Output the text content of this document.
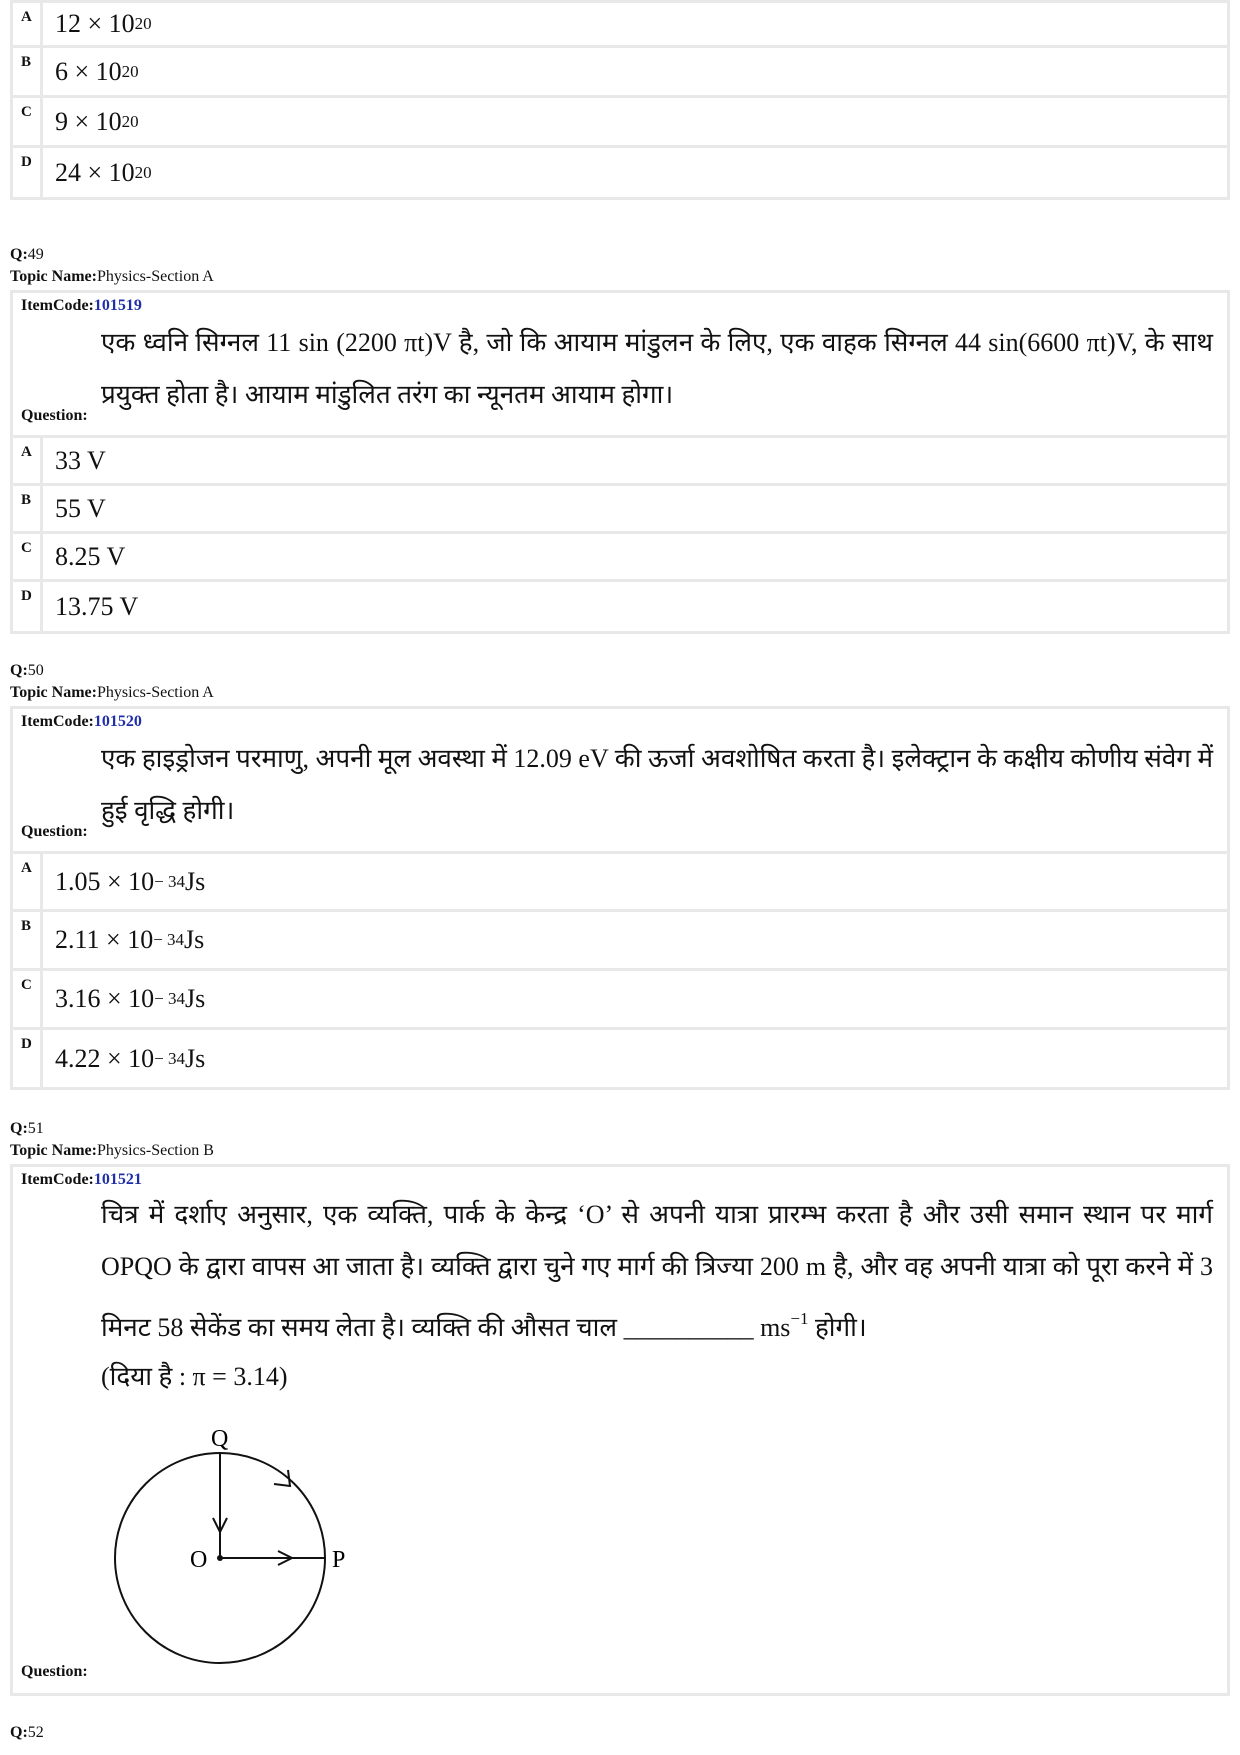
A 12 × 10 20
B 6 × 10 20
C 9 × 10 20
D 24 × 10 20
Q:49
Topic Name:Physics-Section A
ItemCode:101519
एक ध्वनि सिग्नल 11 sin (2200 πt)V है, जो कि आयाम मांडुलन के लिए, एक वाहक सिग्नल 44 sin(6600 πt)V, के साथ प्रयुक्त होता है। आयाम मांडुलित तरंग का न्यूनतम आयाम होगा।
Question:
A 33 V
B 55 V
C 8.25 V
D 13.75 V
Q:50
Topic Name:Physics-Section A
ItemCode:101520
एक हाइड्रोजन परमाणु, अपनी मूल अवस्था में 12.09 eV की ऊर्जा अवशोषित करता है। इलेक्ट्रान के कक्षीय कोणीय संवेग में हुई वृद्धि होगी।
Question:
A 1.05 × 10 − 34 Js
B 2.11 × 10 − 34 Js
C 3.16 × 10 − 34 Js
D 4.22 × 10 − 34 Js
Q:51
Topic Name:Physics-Section B
ItemCode:101521
चित्र में दर्शाए अनुसार, एक व्यक्ति, पार्क के केन्द्र ‘O’ से अपनी यात्रा प्रारम्भ करता है और उसी समान स्थान पर मार्ग OPQO के द्वारा वापस आ जाता है। व्यक्ति द्वारा चुने गए मार्ग की त्रिज्या 200 m है, और वह अपनी यात्रा को पूरा करने में 3 मिनट 58 सेकेंड का समय लेता है। व्यक्ति की औसत चाल __________ $ms^{-1}$ होगी।
(दिया है : π = 3.14)
Question:
Q
O	P
Q:52
